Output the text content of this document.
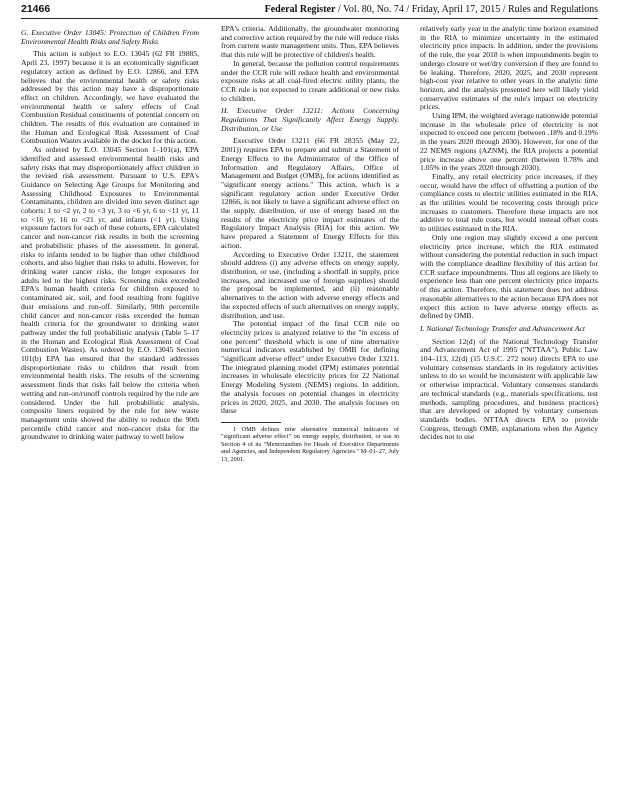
21466	Federal Register / Vol. 80, No. 74 / Friday, April 17, 2015 / Rules and Regulations

G. Executive Order 13045: Protection of Children From Environmental Health Risks and Safety Risks

This action is subject to E.O. 13045 (62 FR 19885, April 23, 1997) because it is an economically significant regulatory action as defined by E.O. 12866, and EPA believes that the environmental health or safety risks addressed by this action may have a disproportionate effect on children. Accordingly, we have evaluated the environmental health or safety effects of Coal Combustion Residual constituents of potential concern on children. The results of this evaluation are contained in the Human and Ecological Risk Assessment of Coal Combustion Wastes available in the docket for this action.

As ordered by E.O. 13045 Section 1–101(a), EPA identified and assessed environmental health risks and safety risks that may disproportionately affect children in the revised risk assessment. Pursuant to U.S. EPA's Guidance on Selecting Age Groups for Monitoring and Assessing Childhood Exposures to Environmental Contaminants, children are divided into seven distinct age cohorts: 1 to <2 yr, 2 to <3 yr, 3 to <6 yr, 6 to <11 yr, 11 to <16 yr, 16 to <21 yr, and infants (<1 yr). Using exposure factors for each of these cohorts, EPA calculated cancer and non-cancer risk results in both the screening and probabilistic phases of the assessment. In general, risks to infants tended to be higher than other childhood cohorts, and also higher than risks to adults. However, for drinking water cancer risks, the longer exposures for adults led to the highest risks. Screening risks exceeded EPA's human health criteria for children exposed to contaminated air, soil, and food resulting from fugitive dust emissions and run-off. Similarly, 90th percentile child cancer and non-cancer risks exceeded the human health criteria for the groundwater to drinking water pathway under the full probabilistic analysis (Table 5–17 in the Human and Ecological Risk Assessment of Coal Combustion Wastes). As ordered by E.O. 13045 Section 101(b) EPA has ensured that the standard addresses disproportionate risks to children that result from environmental health risks. The results of the screening assessment finds that risks fall below the criteria when wetting and run-on/runoff controls required by the rule are considered. Under the full probabilistic analysis, composite liners required by the rule for new waste management units showed the ability to reduce the 90th percentile child cancer and non-cancer risks for the groundwater to drinking water pathway to well below

EPA's criteria. Additionally, the groundwater monitoring and corrective action required by the rule will reduce risks from current waste management units. Thus, EPA believes that this rule will be protective of children's health.

In general, because the pollution control requirements under the CCR rule will reduce health and environmental exposure risks at all coal-fired electric utility plants, the CCR rule is not expected to create additional or new risks to children.

H. Executive Order 13211: Actions Concerning Regulations That Significantly Affect Energy Supply, Distribution, or Use

Executive Order 13211 (66 FR 28355 (May 22, 2001)) requires EPA to prepare and submit a Statement of Energy Effects to the Administrator of the Office of Information and Regulatory Affairs, Office of Management and Budget (OMB), for actions identified as "significant energy actions." This action, which is a significant regulatory action under Executive Order 12866, is not likely to have a significant adverse effect on the supply, distribution, or use of energy based on the results of the electricity price impact estimates of the Regulatory Impact Analysis (RIA) for this action. We have prepared a Statement of Energy Effects for this action.

According to Executive Order 13211, the statement should address (i) any adverse effects on energy supply, distribution, or use, (including a shortfall in supply, price increases, and increased use of foreign supplies) should the proposal be implemented, and (ii) reasonable alternatives to the action with adverse energy effects and the expected effects of such alternatives on energy supply, distribution, and use.

The potential impact of the final CCR rule on electricity prices is analyzed relative to the "in excess of one percent" threshold which is one of nine alternative numerical indicators established by OMB for defining "significant adverse effect" under Executive Order 13211. The integrated planning model (IPM) estimates potential increases in wholesale electricity prices for 22 National Energy Modeling System (NEMS) regions. In addition, the analysis focuses on potential changes in electricity prices in 2020, 2025, and 2030. The analysis focuses on these

1 OMB defines nine alternative numerical indicators of "significant adverse effect" on energy supply, distribution, or use in Section 4 of its "Memorandum for Heads of Executive Departments and Agencies, and Independent Regulatory Agencies." M–01–27, July 13, 2001.

relatively early year in the analytic time horizon examined in the RIA to minimize uncertainty in the estimated electricity price impacts. In addition, under the provisions of the rule, the year 2018 is when impoundments begin to undergo closure or wet/dry conversion if they are found to be leaking. Therefore, 2020, 2025, and 2030 represent high-cost year relative to other years in the analytic time horizon, and the analysis presented here will likely yield conservative estimates of the rule's impact on electricity prices.

Using IPM, the weighted average nationwide potential increase in the wholesale price of electricity is not expected to exceed one percent (between .18% and 0.19% in the years 2020 through 2030). However, for one of the 22 NEMS regions (AZNM), the RIA projects a potential price increase above one percent (between 0.78% and 1.05% in the years 2020 through 2030).

Finally, any retail electricity price increases, if they occur, would have the effect of offsetting a portion of the compliance costs to electric utilities estimated in the RIA, as the utilities would be recovering costs through price increases to customers. Therefore these impacts are not additive to total rule costs, but would instead offset costs to utilities estimated in the RIA.

Only one region may slightly exceed a one percent electricity price increase, which the RIA estimated without considering the potential reduction in such impact with the compliance deadline flexibility of this action for CCR surface impoundments. Thus all regions are likely to experience less than one percent electricity price impacts of this action. Therefore, this statement does not address reasonable alternatives to the action because EPA does not expect this action to have adverse energy effects as defined by OMB.

I. National Technology Transfer and Advancement Act

Section 12(d) of the National Technology Transfer and Advancement Act of 1995 ("NTTAA"), Public Law 104–113, 12(d) (15 U.S.C. 272 note) directs EPA to use voluntary consensus standards in its regulatory activities unless to do so would be inconsistent with applicable law or otherwise impractical. Voluntary consensus standards are technical standards (e.g., materials specifications, test methods, sampling procedures, and business practices) that are developed or adopted by voluntary consensus standards bodies. NTTAA directs EPA to provide Congress, through OMB, explanations when the Agency decides not to use
